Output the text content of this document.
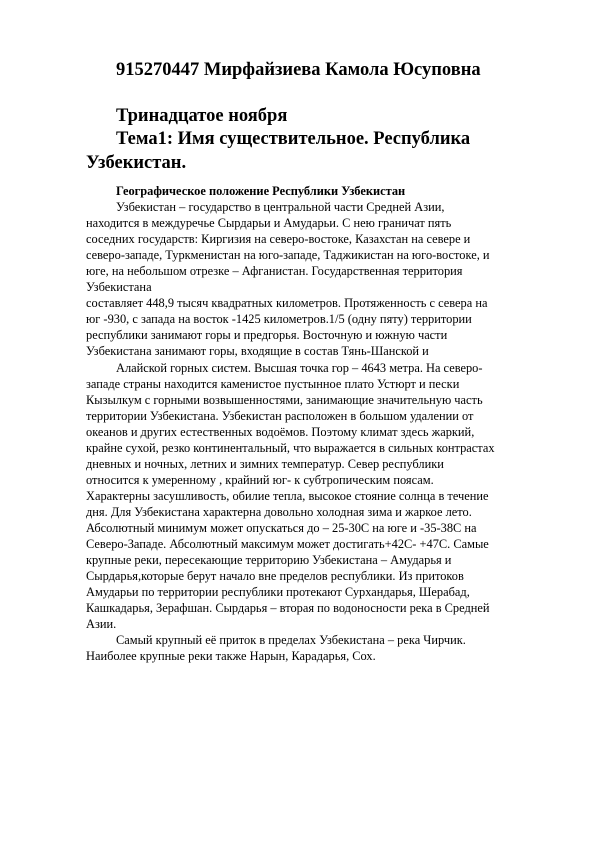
915270447 Мирфайзиева Камола Юсуповна
Тринадцатое ноября
Тема1: Имя существительное. Республика
Узбекистан.
Географическое положение Республики Узбекистан
Узбекистан – государство в центральной части Средней Азии,
находится в междуречье Сырдарьи и Амударьи. С нею граничат пять
соседних государств: Киргизия на северо-востоке, Казахстан на севере и
северо-западе, Туркменистан на юго-западе, Таджикистан на юго-востоке, и
юге, на небольшом отрезке – Афганистан. Государственная территория
Узбекистана
составляет 448,9 тысяч квадратных километров. Протяженность с севера на
юг -930, с запада на восток -1425 километров.1/5 (одну пяту) территории
республики занимают горы и предгорья. Восточную и южную части
Узбекистана занимают горы, входящие в состав Тянь-Шанской и
Алайской горных систем. Высшая точка гор – 4643 метра. На северо-
западе страны находится каменистое пустынное плато Устюрт и пески
Кызылкум с горными возвышенностями, занимающие значительную часть
территории Узбекистана. Узбекистан расположен в большом удалении от
океанов и других естественных водоёмов. Поэтому климат здесь жаркий,
крайне сухой, резко континентальный, что выражается в сильных контрастах
дневных и ночных, летних и зимних температур. Север республики
относится к умеренному , крайний юг- к субтропическим поясам.
Характерны засушливость, обилие тепла, высокое стояние солнца в течение
дня. Для Узбекистана характерна довольно холодная зима и жаркое лето.
Абсолютный минимум может опускаться до – 25-30С на юге и -35-38С на
Северо-Западе. Абсолютный максимум может достигать+42С- +47С. Самые
крупные реки, пересекающие территорию Узбекистана – Амударья и
Сырдарья,которые берут начало вне пределов республики. Из притоков
Амударьи по территории республики протекают Сурхандарья, Шерабад,
Кашкадарья, Зерафшан. Сырдарья – вторая по водоносности река в Средней
Азии.
Самый крупный её приток в пределах Узбекистана – река Чирчик.
Наиболее крупные реки также Нарын, Карадарья, Сох.
